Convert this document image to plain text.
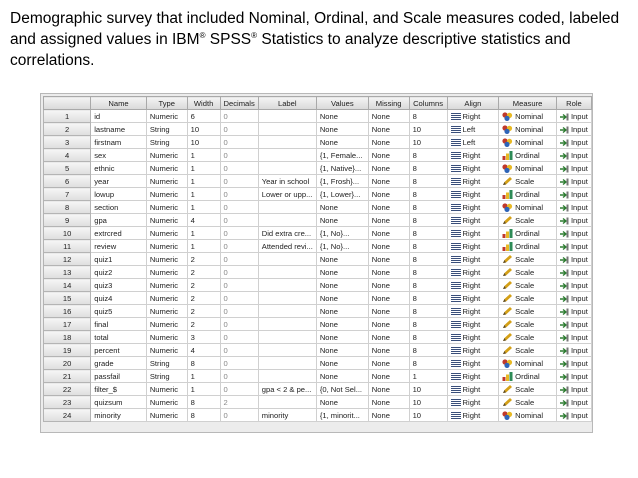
Demographic survey that included Nominal, Ordinal, and Scale measures coded, labeled and assigned values in IBM® SPSS® Statistics to analyze descriptive statistics and correlations.
	Name	Type	Width	Decimals	Label	Values	Missing	Columns	Align	Measure	Role
1	id	Numeric	6	0		None	None	8	Right	Nominal	Input
2	lastname	String	10	0		None	None	10	Left	Nominal	Input
3	firstnam	String	10	0		None	None	10	Left	Nominal	Input
4	sex	Numeric	1	0		{1, Female...	None	8	Right	Ordinal	Input
5	ethnic	Numeric	1	0		{1, Native}...	None	8	Right	Nominal	Input
6	year	Numeric	1	0	Year in school	{1, Frosh}...	None	8	Right	Scale	Input
7	lowup	Numeric	1	0	Lower or upp...	{1, Lower}...	None	8	Right	Ordinal	Input
8	section	Numeric	1	0		None	None	8	Right	Nominal	Input
9	gpa	Numeric	4	0		None	None	8	Right	Scale	Input
10	extrcred	Numeric	1	0	Did extra cre...	{1, No}...	None	8	Right	Ordinal	Input
11	review	Numeric	1	0	Attended revi...	{1, No}...	None	8	Right	Ordinal	Input
12	quiz1	Numeric	2	0		None	None	8	Right	Scale	Input
13	quiz2	Numeric	2	0		None	None	8	Right	Scale	Input
14	quiz3	Numeric	2	0		None	None	8	Right	Scale	Input
15	quiz4	Numeric	2	0		None	None	8	Right	Scale	Input
16	quiz5	Numeric	2	0		None	None	8	Right	Scale	Input
17	final	Numeric	2	0		None	None	8	Right	Scale	Input
18	total	Numeric	3	0		None	None	8	Right	Scale	Input
19	percent	Numeric	4	0		None	None	8	Right	Scale	Input
20	grade	String	8	0		None	None	8	Right	Nominal	Input
21	passfail	String	1	0		None	None	1	Right	Ordinal	Input
22	filter_$	Numeric	1	0	gpa < 2 & pe...	{0, Not Sel...	None	10	Right	Scale	Input
23	quizsum	Numeric	8	2		None	None	10	Right	Scale	Input
24	minority	Numeric	8	0	minority	{1, minorit...	None	10	Right	Nominal	Input
